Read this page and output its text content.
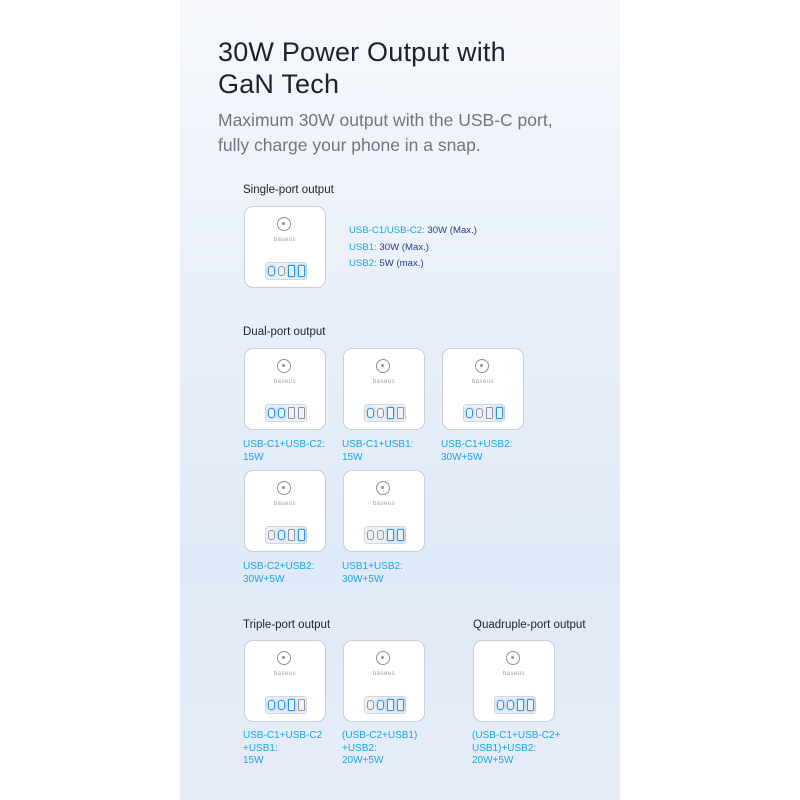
30W Power Output with
GaN Tech
Maximum 30W output with the USB-C port,
fully charge your phone in a snap.
Single-port output
baseus
USB-C1/USB-C2: 30W (Max.)
USB1: 30W (Max.)
USB2: 5W (max.)
Dual-port output
baseus
USB-C1+USB-C2:
15W
baseus
USB-C1+USB1:
15W
baseus
USB-C1+USB2:
30W+5W
baseus
USB-C2+USB2:
30W+5W
baseus
USB1+USB2:
30W+5W
Triple-port output
baseus
USB-C1+USB-C2
+USB1:
15W
baseus
(USB-C2+USB1)
+USB2:
20W+5W
Quadruple-port output
baseus
(USB-C1+USB-C2+
USB1)+USB2:
20W+5W
